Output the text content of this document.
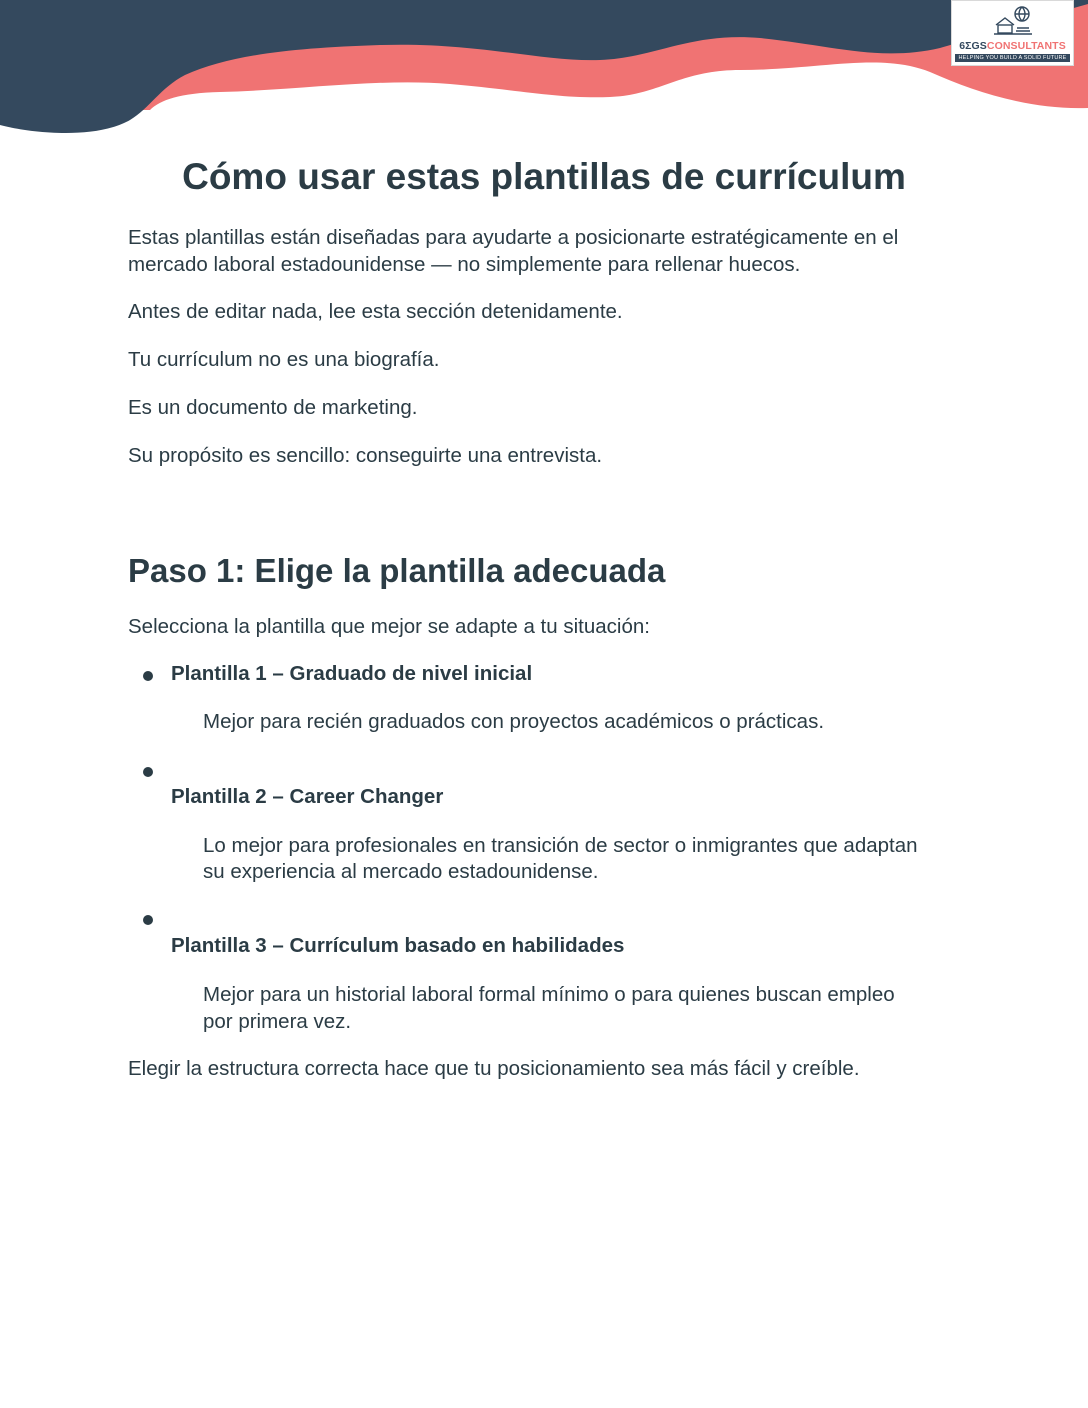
6ΣGSCONSULTANTS
HELPING YOU BUILD A SOLID FUTURE
Cómo usar estas plantillas de currículum

Estas plantillas están diseñadas para ayudarte a posicionarte estratégicamente en el

mercado laboral estadounidense — no simplemente para rellenar huecos.

Antes de editar nada, lee esta sección detenidamente.

Tu currículum no es una biografía.

Es un documento de marketing.

Su propósito es sencillo: conseguirte una entrevista.

Paso 1: Elige la plantilla adecuada

Selecciona la plantilla que mejor se adapte a tu situación:

Plantilla 1 – Graduado de nivel inicial

Mejor para recién graduados con proyectos académicos o prácticas.

Plantilla 2 – Career Changer

Lo mejor para profesionales en transición de sector o inmigrantes que adaptan

su experiencia al mercado estadounidense.

Plantilla 3 – Currículum basado en habilidades

Mejor para un historial laboral formal mínimo o para quienes buscan empleo

por primera vez.

Elegir la estructura correcta hace que tu posicionamiento sea más fácil y creíble.
